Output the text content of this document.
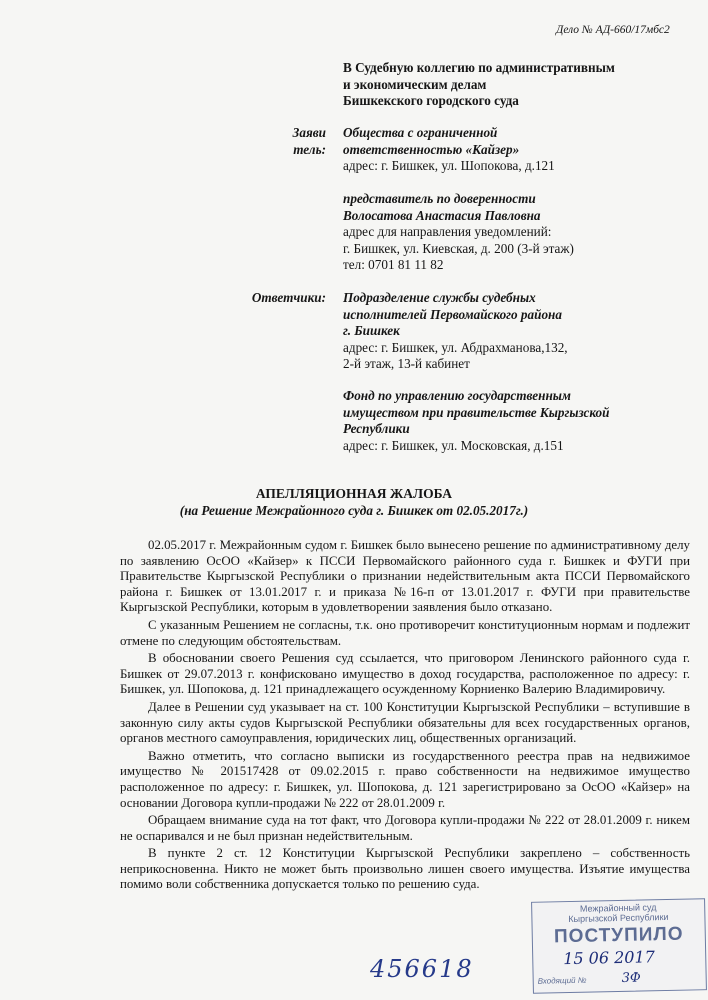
Дело № АД-660/17мбс2
В Судебную коллегию по административным
и экономическим делам
Бишкекского городского суда
Заяви
тель:
Общества с ограниченной
ответственностью «Кайзер»
адрес: г. Бишкек, ул. Шопокова, д.121
представитель по доверенности
Волосатова Анастасия Павловна
адрес для направления уведомлений:
г. Бишкек, ул. Киевская, д. 200 (3-й этаж)
тел: 0701 81 11 82
Ответчики: Подразделение службы судебных
исполнителей Первомайского района
г. Бишкек
адрес: г. Бишкек, ул. Абдрахманова,132,
2-й этаж, 13-й кабинет
Фонд по управлению государственным
имуществом при правительстве Кыргызской
Республики
адрес: г. Бишкек, ул. Московская, д.151
АПЕЛЛЯЦИОННАЯ ЖАЛОБА
(на Решение Межрайонного суда г. Бишкек от 02.05.2017г.)

02.05.2017 г. Межрайонным судом г. Бишкек было вынесено решение по административному делу по заявлению ОсОО «Кайзер» к ПССИ Первомайского районного суда г. Бишкек и ФУГИ при Правительстве Кыргызской Республики о признании недействительным акта ПССИ Первомайского района г. Бишкек от 13.01.2017 г. и приказа №16-п от 13.01.2017 г. ФУГИ при правительстве Кыргызской Республики, которым в удовлетворении заявления было отказано.

С указанным Решением не согласны, т.к. оно противоречит конституционным нормам и подлежит отмене по следующим обстоятельствам.

В обосновании своего Решения суд ссылается, что приговором Ленинского районного суда г. Бишкек от 29.07.2013 г. конфисковано имущество в доход государства, расположенное по адресу: г. Бишкек, ул. Шопокова, д. 121 принадлежащего осужденному Корниенко Валерию Владимировичу.

Далее в Решении суд указывает на ст. 100 Конституции Кыргызской Республики – вступившие в законную силу акты судов Кыргызской Республики обязательны для всех государственных органов, органов местного самоуправления, юридических лиц, общественных организаций.

Важно отметить, что согласно выписки из государственного реестра прав на недвижимое имущество № 201517428 от 09.02.2015 г. право собственности на недвижимое имущество расположенное по адресу: г. Бишкек, ул. Шопокова, д. 121 зарегистрировано за ОсОО «Кайзер» на основании Договора купли-продажи № 222 от 28.01.2009 г.

Обращаем внимание суда на тот факт, что Договора купли-продажи № 222 от 28.01.2009 г. никем не оспаривался и не был признан недействительным.

В пункте 2 ст. 12 Конституции Кыргызской Республики закреплено – собственность неприкосновенна. Никто не может быть произвольно лишен своего имущества. Изъятие имущества помимо воли собственника допускается только по решению суда.

Межрайонный суд
Кыргызской Республики
ПОСТУПИЛО
15 06 2017
Входящий №	3Ф
456618
